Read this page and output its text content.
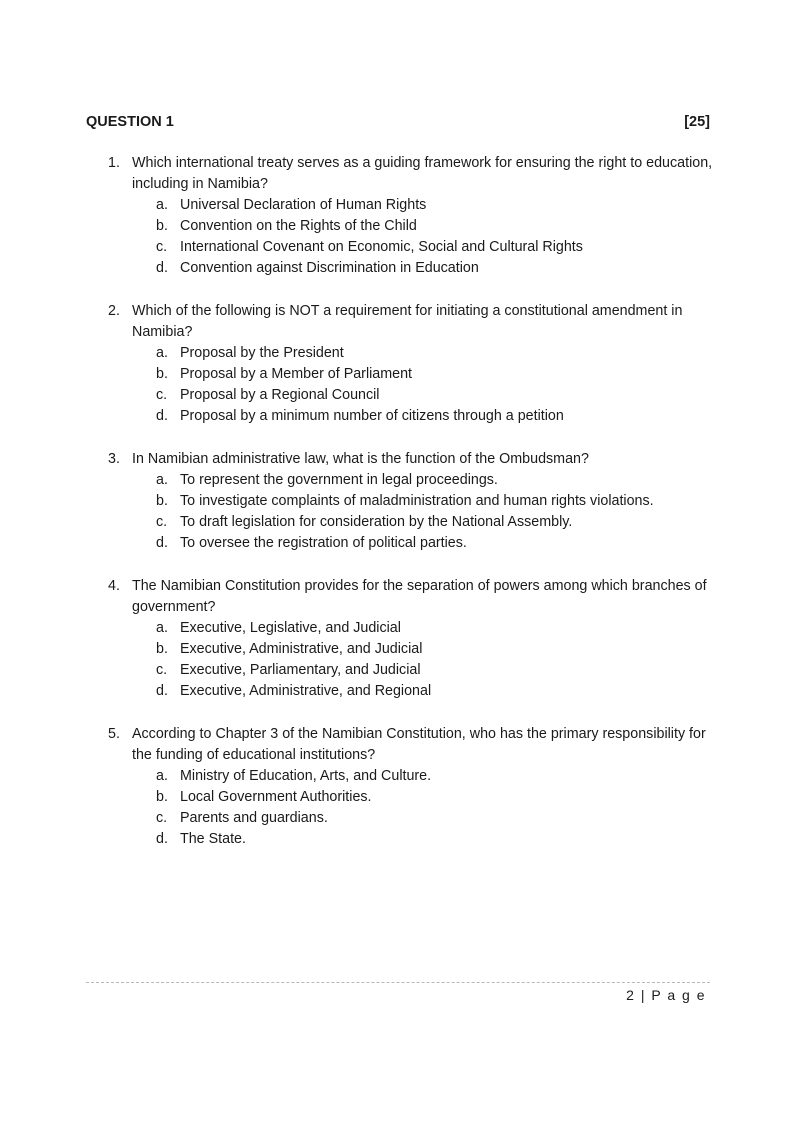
QUESTION 1	[25]
1. Which international treaty serves as a guiding framework for ensuring the right to education, including in Namibia?
a. Universal Declaration of Human Rights
b. Convention on the Rights of the Child
c. International Covenant on Economic, Social and Cultural Rights
d. Convention against Discrimination in Education
2. Which of the following is NOT a requirement for initiating a constitutional amendment in Namibia?
a. Proposal by the President
b. Proposal by a Member of Parliament
c. Proposal by a Regional Council
d. Proposal by a minimum number of citizens through a petition
3. In Namibian administrative law, what is the function of the Ombudsman?
a. To represent the government in legal proceedings.
b. To investigate complaints of maladministration and human rights violations.
c. To draft legislation for consideration by the National Assembly.
d. To oversee the registration of political parties.
4. The Namibian Constitution provides for the separation of powers among which branches of government?
a. Executive, Legislative, and Judicial
b. Executive, Administrative, and Judicial
c. Executive, Parliamentary, and Judicial
d. Executive, Administrative, and Regional
5. According to Chapter 3 of the Namibian Constitution, who has the primary responsibility for the funding of educational institutions?
a. Ministry of Education, Arts, and Culture.
b. Local Government Authorities.
c. Parents and guardians.
d. The State.
2 | P a g e
